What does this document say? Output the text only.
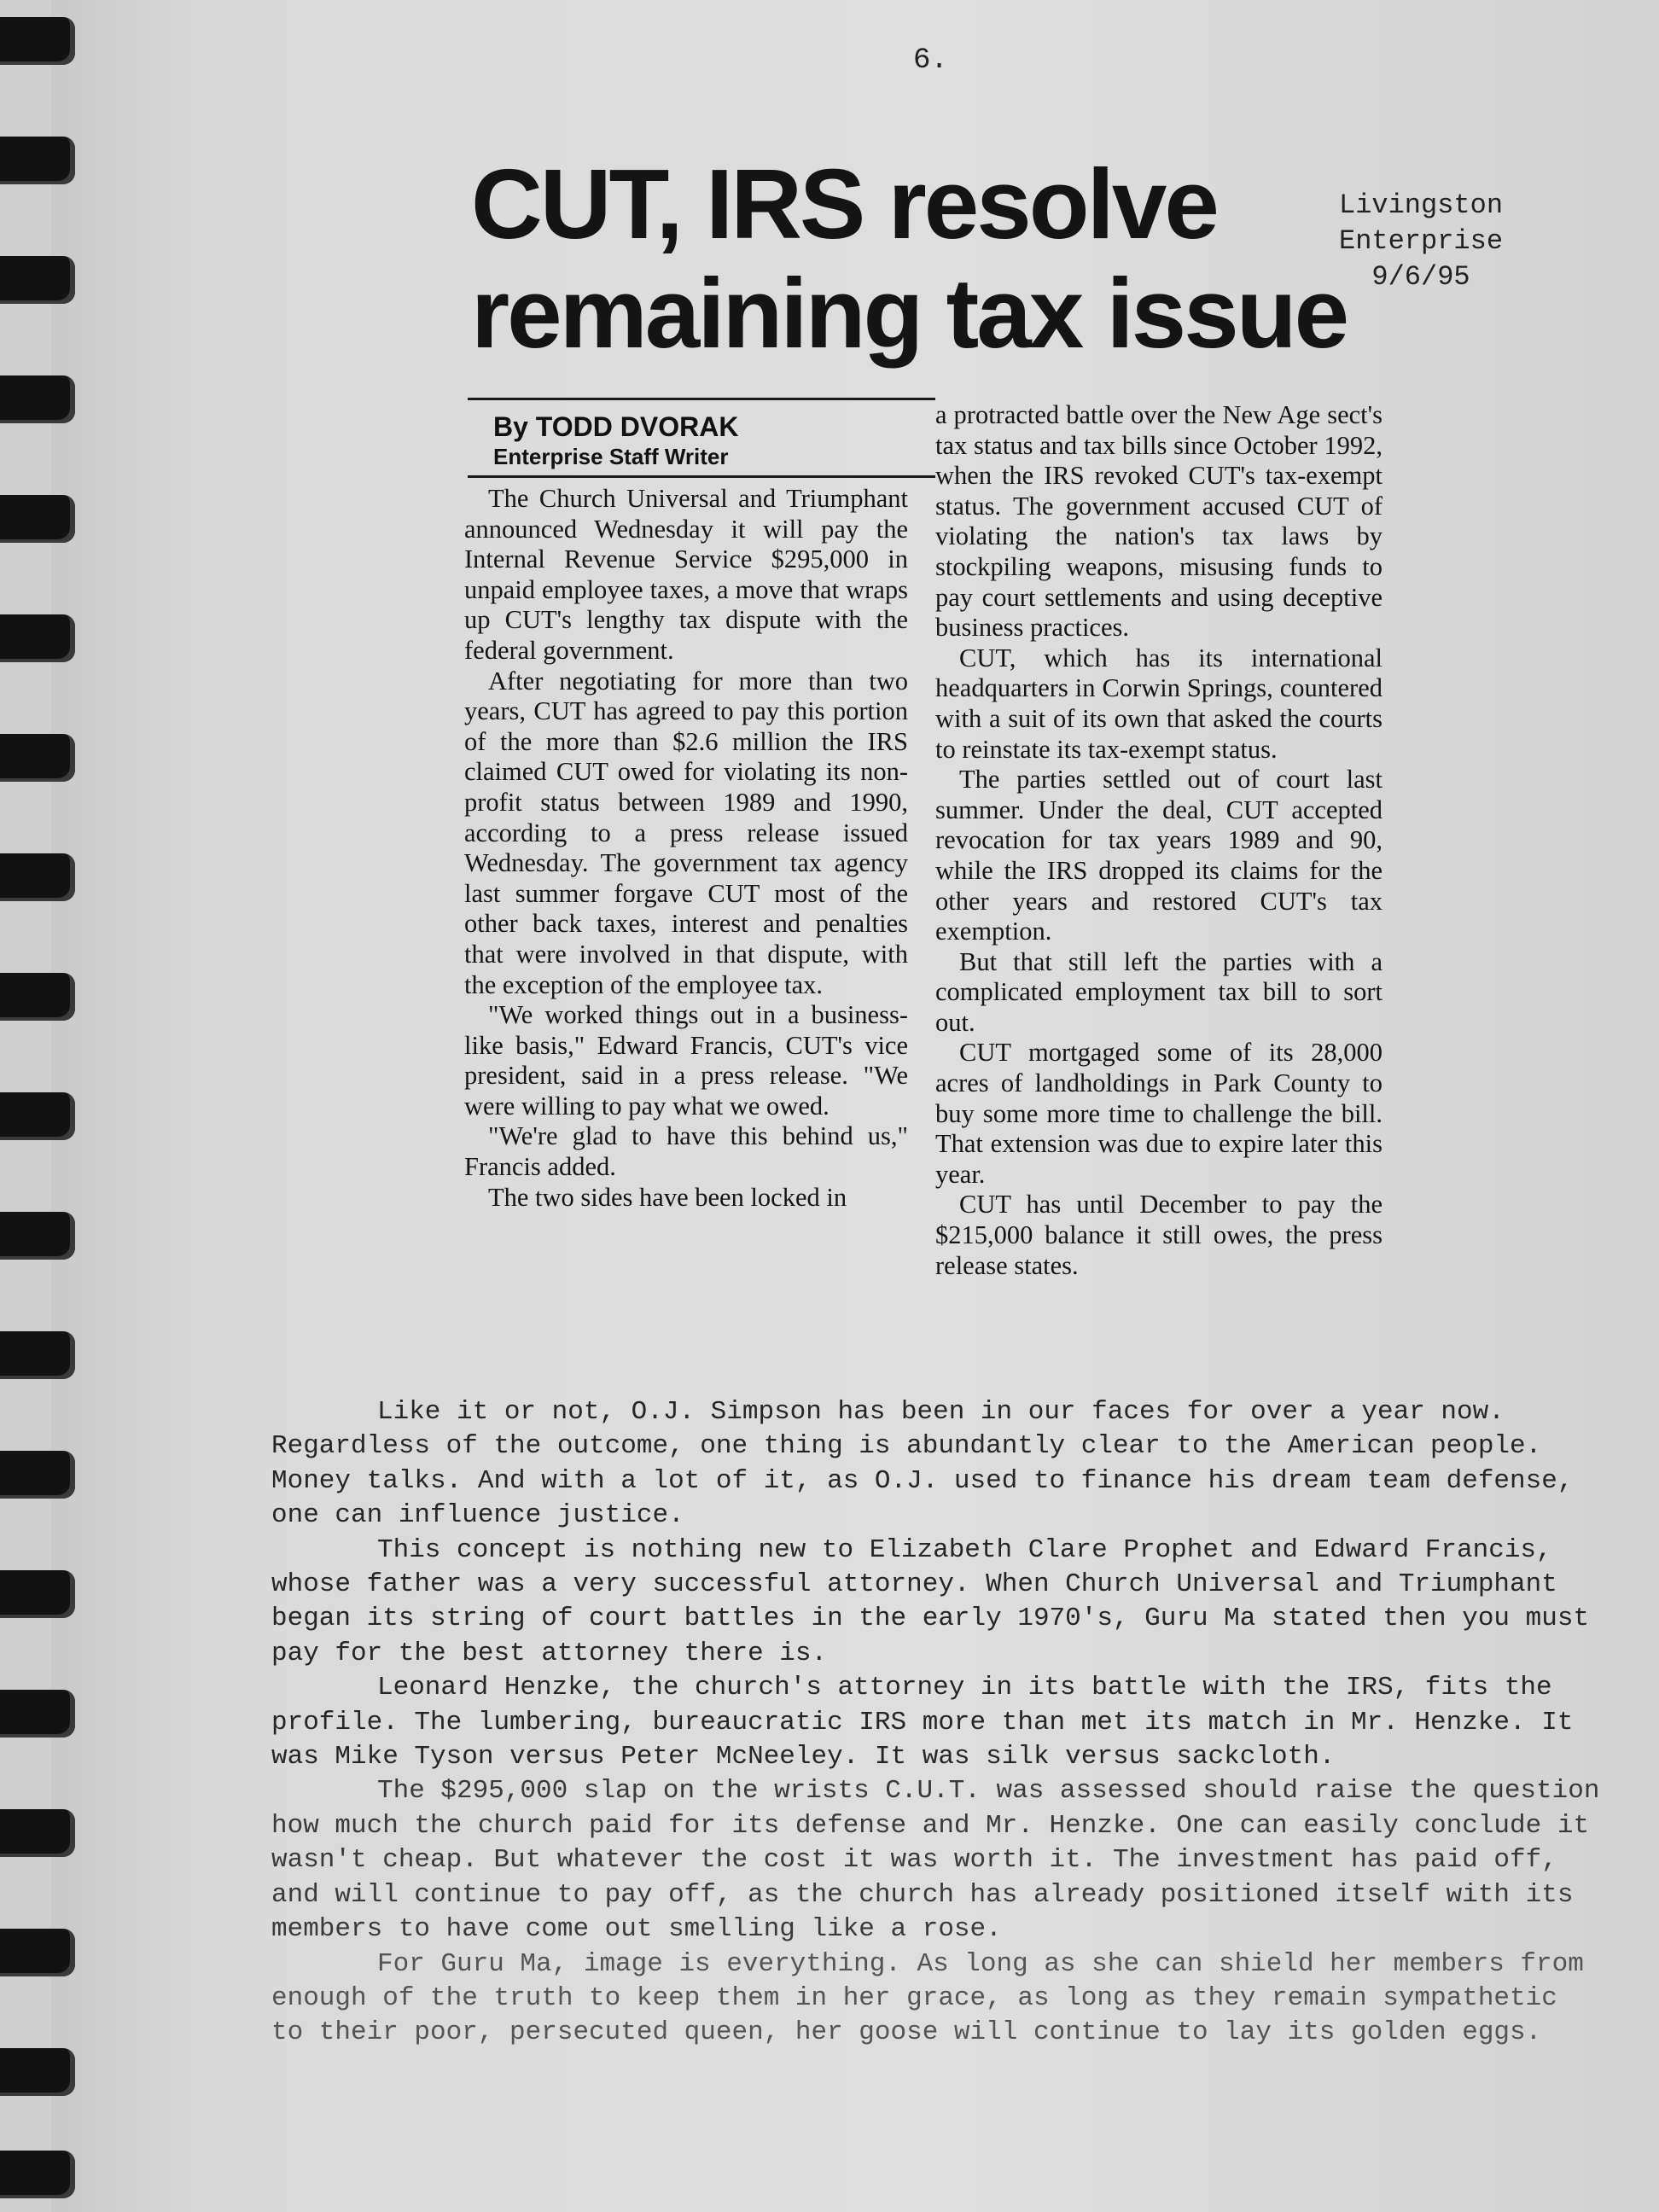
6.
CUT, IRS resolve
remaining tax issue
Livingston
Enterprise
9/6/95
By TODD DVORAK
Enterprise Staff Writer

The Church Universal and Triumphant announced Wednesday it will pay the Internal Revenue Service $295,000 in unpaid employee taxes, a move that wraps up CUT's lengthy tax dispute with the federal government.

After negotiating for more than two years, CUT has agreed to pay this portion of the more than $2.6 million the IRS claimed CUT owed for violating its non-profit status between 1989 and 1990, according to a press release issued Wednesday. The government tax agency last summer forgave CUT most of the other back taxes, interest and penalties that were involved in that dispute, with the exception of the employee tax.

"We worked things out in a business-like basis," Edward Francis, CUT's vice president, said in a press release. "We were willing to pay what we owed.

"We're glad to have this behind us," Francis added.

The two sides have been locked in

a protracted battle over the New Age sect's tax status and tax bills since October 1992, when the IRS revoked CUT's tax-exempt status. The government accused CUT of violating the nation's tax laws by stockpiling weapons, misusing funds to pay court settlements and using deceptive business practices.

CUT, which has its international headquarters in Corwin Springs, countered with a suit of its own that asked the courts to reinstate its tax-exempt status.

The parties settled out of court last summer. Under the deal, CUT accepted revocation for tax years 1989 and 90, while the IRS dropped its claims for the other years and restored CUT's tax exemption.

But that still left the parties with a complicated employment tax bill to sort out.

CUT mortgaged some of its 28,000 acres of landholdings in Park County to buy some more time to challenge the bill. That extension was due to expire later this year.

CUT has until December to pay the $215,000 balance it still owes, the press release states.

Like it or not, O.J. Simpson has been in our faces for over a year now. Regardless of the outcome, one thing is abundantly clear to the American people. Money talks. And with a lot of it, as O.J. used to finance his dream team defense, one can influence justice.

This concept is nothing new to Elizabeth Clare Prophet and Edward Francis, whose father was a very successful attorney. When Church Universal and Triumphant began its string of court battles in the early 1970's, Guru Ma stated then you must pay for the best attorney there is.

Leonard Henzke, the church's attorney in its battle with the IRS, fits the profile. The lumbering, bureaucratic IRS more than met its match in Mr. Henzke. It was Mike Tyson versus Peter McNeeley. It was silk versus sackcloth.

The $295,000 slap on the wrists C.U.T. was assessed should raise the question how much the church paid for its defense and Mr. Henzke. One can easily conclude it wasn't cheap. But whatever the cost it was worth it. The investment has paid off, and will continue to pay off, as the church has already positioned itself with its members to have come out smelling like a rose.

For Guru Ma, image is everything. As long as she can shield her members from enough of the truth to keep them in her grace, as long as they remain sympathetic to their poor, persecuted queen, her goose will continue to lay its golden eggs.
